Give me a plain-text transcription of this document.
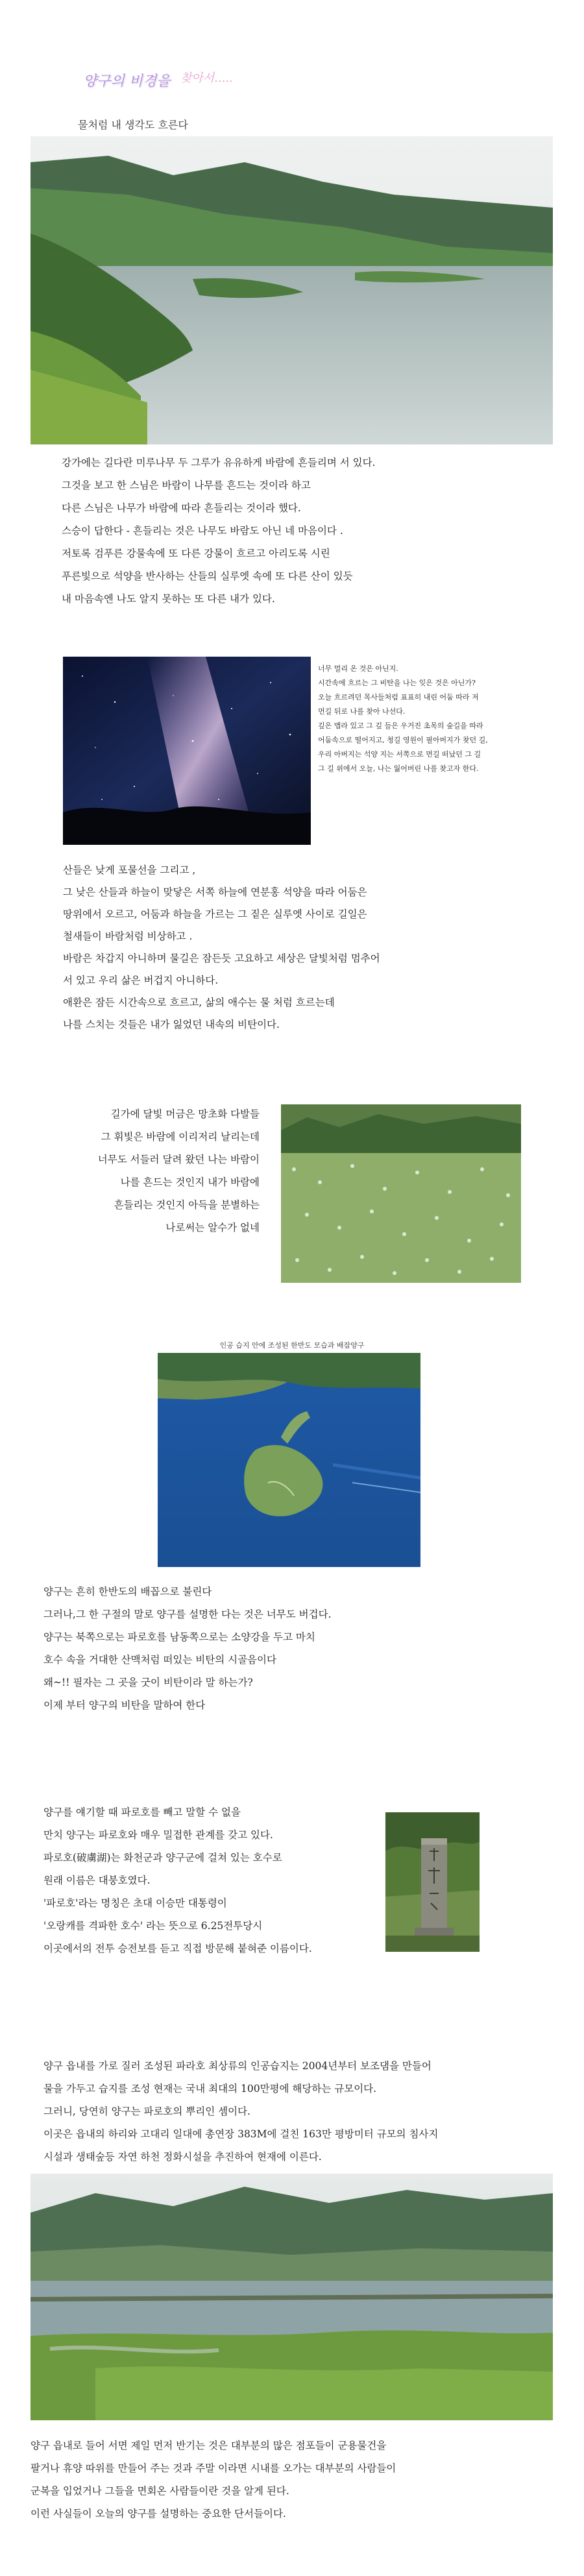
양구의 비경을 찾아서.....
물처럼 내 생각도 흐른다
강가에는 길다란 미루나무 두 그루가 유유하게 바람에 흔들리며 서 있다.
그것을 보고 한 스님은 바람이 나무를 흔드는 것이라 하고
다른 스님은 나무가 바람에 따라 흔들리는 것이라 했다.
스승이 답한다 - 흔들리는 것은 나무도 바람도 아닌 네 마음이다 .
저토록 검푸른 강물속에 또 다른 강물이 흐르고 아리도록 시린
푸른빛으로 석양을 반사하는 산들의 실루엣 속에 또 다른 산이 있듯
내 마음속엔 나도 알지 못하는 또 다른 내가 있다.
너무 멀리 온 것은 아닌지.
시간속에 흐르는 그 비탄을 나는 잊은 것은 아닌가?
오늘 흐르려던 목사들처럼 표표히 내린 어둠 따라 저
먼길 뒤로 나를 찾아 나선다.
깊은 맵라 있고 그 깊 들은 우거진 초목의 숲길을 따라
어둠속으로 떨어지고, 청길 영원이 필아버지가 찾던 길,
우리 아버지는 석양 지는 서쪽으로 먼길 떠났던 그 길
그 길 위에서 오늘, 나는 잃어버린 나를 찾고자 한다.
산들은 낮게 포물선을 그리고 ,
그 낮은 산들과 하늘이 맞닿은 서쪽 하늘에 연분홍 석양을 따라 어둠은
땅위에서 오르고, 어둠과 하늘을 가르는 그 짙은 실루엣 사이로 길일은
철새들이 바람처럼 비상하고 .
바람은 차갑지 아니하며 물길은 잠든듯 고요하고 세상은 달빛처럼 멈추어
서 있고 우리 삶은 버겁지 아니하다.
애환은 잠든 시간속으로 흐르고, 삶의 애수는 물 처럼 흐르는데
나를 스치는 것들은 내가 잃었던 내속의 비탄이다.
길가에 달빛 머금은 망초화 다발들
그 휘빛은 바람에 이리저리 날리는데
너무도 서들러 달려 왔던 나는 바람이
나를 흔드는 것인지 내가 바람에
흔들리는 것인지 아득을 분별하는
나로써는 알수가 없네
인공 습지 안에 조성된 한반도 모습과 배잡양구
양구는 흔히 한반도의 배꼽으로 불린다
그러나,그 한 구절의 말로 양구를 설명한 다는 것은 너무도 버겁다.
양구는 북쪽으로는 파로호를 남동쪽으로는 소양강을 두고 마치
호수 속을 거대한 산맥처럼 떠있는 비탄의 시골음이다
왜~!! 필자는 그 곳을 굿이 비탄이라 말 하는가?
이제 부터 양구의 비탄을 말하여 한다
양구를 얘기할 때 파로호를 빼고 말할 수 없을
만치 양구는 파로호와 매우 밀접한 관계를 갖고 있다.
파로호(破虜湖)는 화천군과 양구군에 걸쳐 있는 호수로
원래 이름은 대붕호였다.
'파로호'라는 명칭은 초대 이승만 대통령이
'오랑캐를 격파한 호수' 라는 뜻으로 6.25전투당시
이곳에서의 전투 승전보를 듣고 직접 방문해 붙혀준 이름이다.
양구 읍내를 가로 질러 조성된 파라호 최상류의 인공습지는 2004년부터 보조댐을 만들어
물을 가두고 습지를 조성 현재는 국내 최대의 100만평에 해당하는 규모이다.
그러니, 당연히 양구는 파로호의 뿌리인 셈이다.
이곳은 읍내의 하리와 고대리 일대에 총연장 383M에 걸친 163만 평방미터 규모의 침사지
시설과 생태숲등 자연 하천 정화시설을 추진하여 현재에 이른다.
양구 읍내로 들어 서면 제일 먼저 반기는 것은 대부분의 많은 점포들이 군용물건을
팔거나 휴양 따위를 만들어 주는 것과 주말 이라면 시내를 오가는 대부분의 사람들이
군복을 입었거나 그들을 면회온 사람들이란 것을 알게 된다.
이런 사실들이 오늘의 양구를 설명하는 중요한 단서들이다.
